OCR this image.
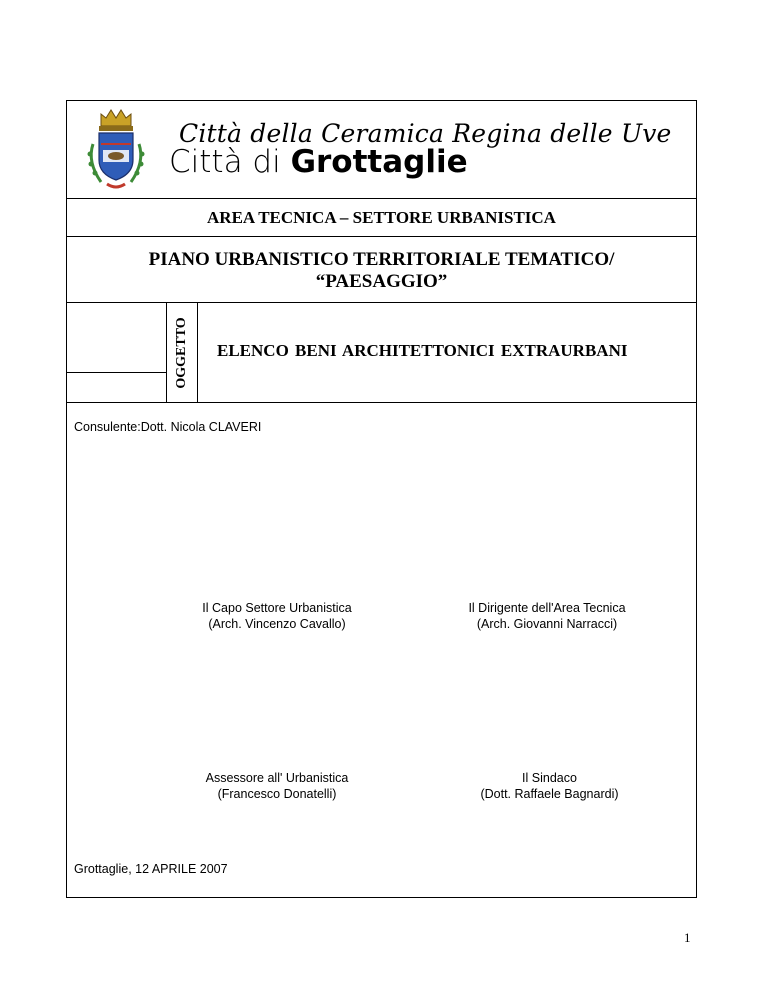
Città della Ceramica Regina delle Uve
Città di Grottaglie
AREA TECNICA – SETTORE URBANISTICA
PIANO URBANISTICO TERRITORIALE TEMATICO/
“PAESAGGIO”
OGGETTO ELENCO BENI ARCHITETTONICI EXTRAURBANI
Consulente:Dott. Nicola CLAVERI
Il Capo Settore Urbanistica
(Arch. Vincenzo Cavallo)
Il Dirigente dell'Area Tecnica
(Arch. Giovanni Narracci)
Assessore all' Urbanistica
(Francesco Donatelli)
Il Sindaco
(Dott. Raffaele Bagnardi)
Grottaglie, 12 APRILE 2007
1
